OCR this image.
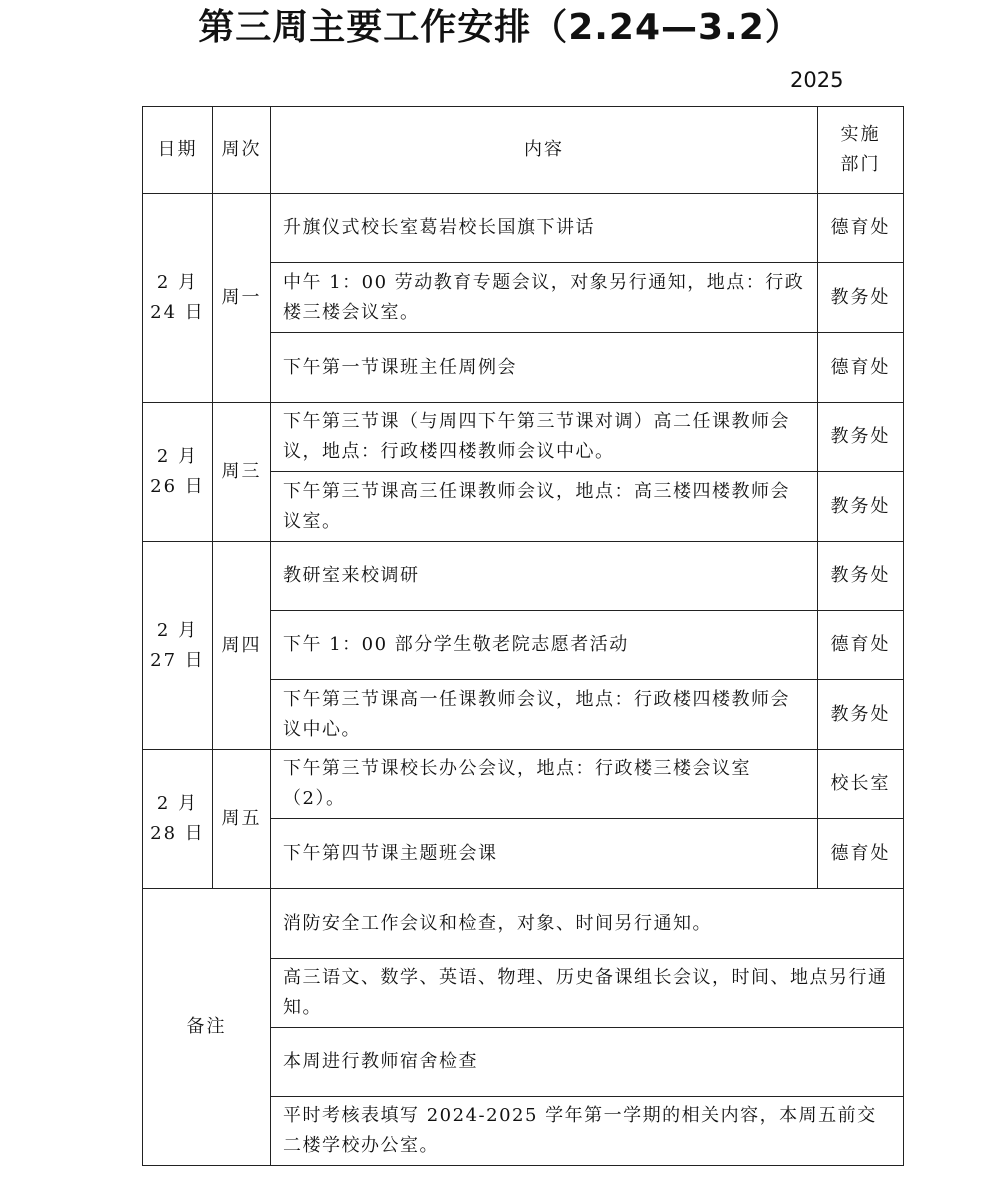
第三周主要工作安排（2.24—3.2）
2025
日期	周次	内容	实施
部门

2 月
24 日	周一	升旗仪式校长室葛岩校长国旗下讲话	德育处
		中午 1：00 劳动教育专题会议，对象另行通知，地点：行政楼三楼会议室。	教务处
		下午第一节课班主任周例会	德育处

2 月
26 日	周三	下午第三节课（与周四下午第三节课对调）高二任课教师会议，地点：行政楼四楼教师会议中心。	教务处
		下午第三节课高三任课教师会议，地点：高三楼四楼教师会议室。	教务处

2 月
27 日	周四	教研室来校调研	教务处
		下午 1：00 部分学生敬老院志愿者活动	德育处
		下午第三节课高一任课教师会议，地点：行政楼四楼教师会议中心。	教务处

2 月
28 日	周五	下午第三节课校长办公会议，地点：行政楼三楼会议室（2）。	校长室
		下午第四节课主题班会课	德育处
备注		消防安全工作会议和检查，对象、时间另行通知。	
		高三语文、数学、英语、物理、历史备课组长会议，时间、地点另行通知。	
		本周进行教师宿舍检查	
		平时考核表填写 2024-2025 学年第一学期的相关内容，本周五前交二楼学校办公室。	
